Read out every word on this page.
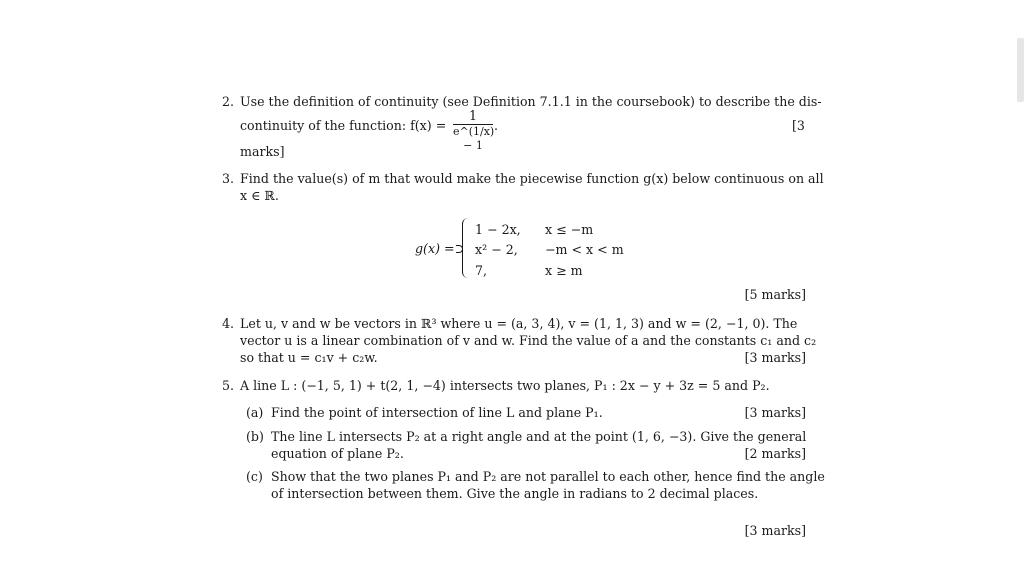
2. Use the definition of continuity (see Definition 7.1.1 in the coursebook) to describe the dis-
continuity of the function: $f(x) = \frac{1}{e\^{}(1/x) - 1}$ .	[3
marks]
3. Find the value(s) of m that would make the piecewise function g(x) below continuous on all
x ∈ ℝ.
g(x) =
1 − 2x, x ≤ −m
x² − 2, −m < x < m
7,	x ≥ m
[5 marks]
4. Let u, v and w be vectors in ℝ³ where u = (a, 3, 4), v = (1, 1, 3) and w = (2, −1, 0). The
vector u is a linear combination of v and w. Find the value of a and the constants c₁ and c₂
so that u = c₁v + c₂w.	[3 marks]
5. A line L : (−1, 5, 1) + t(2, 1, −4) intersects two planes, P₁ : 2x − y + 3z = 5 and P₂.
(a) Find the point of intersection of line L and plane P₁.	[3 marks]
(b) The line L intersects P₂ at a right angle and at the point (1, 6, −3). Give the general
equation of plane P₂.	[2 marks]
(c) Show that the two planes P₁ and P₂ are not parallel to each other, hence find the angle
of intersection between them. Give the angle in radians to 2 decimal places.
[3 marks]
